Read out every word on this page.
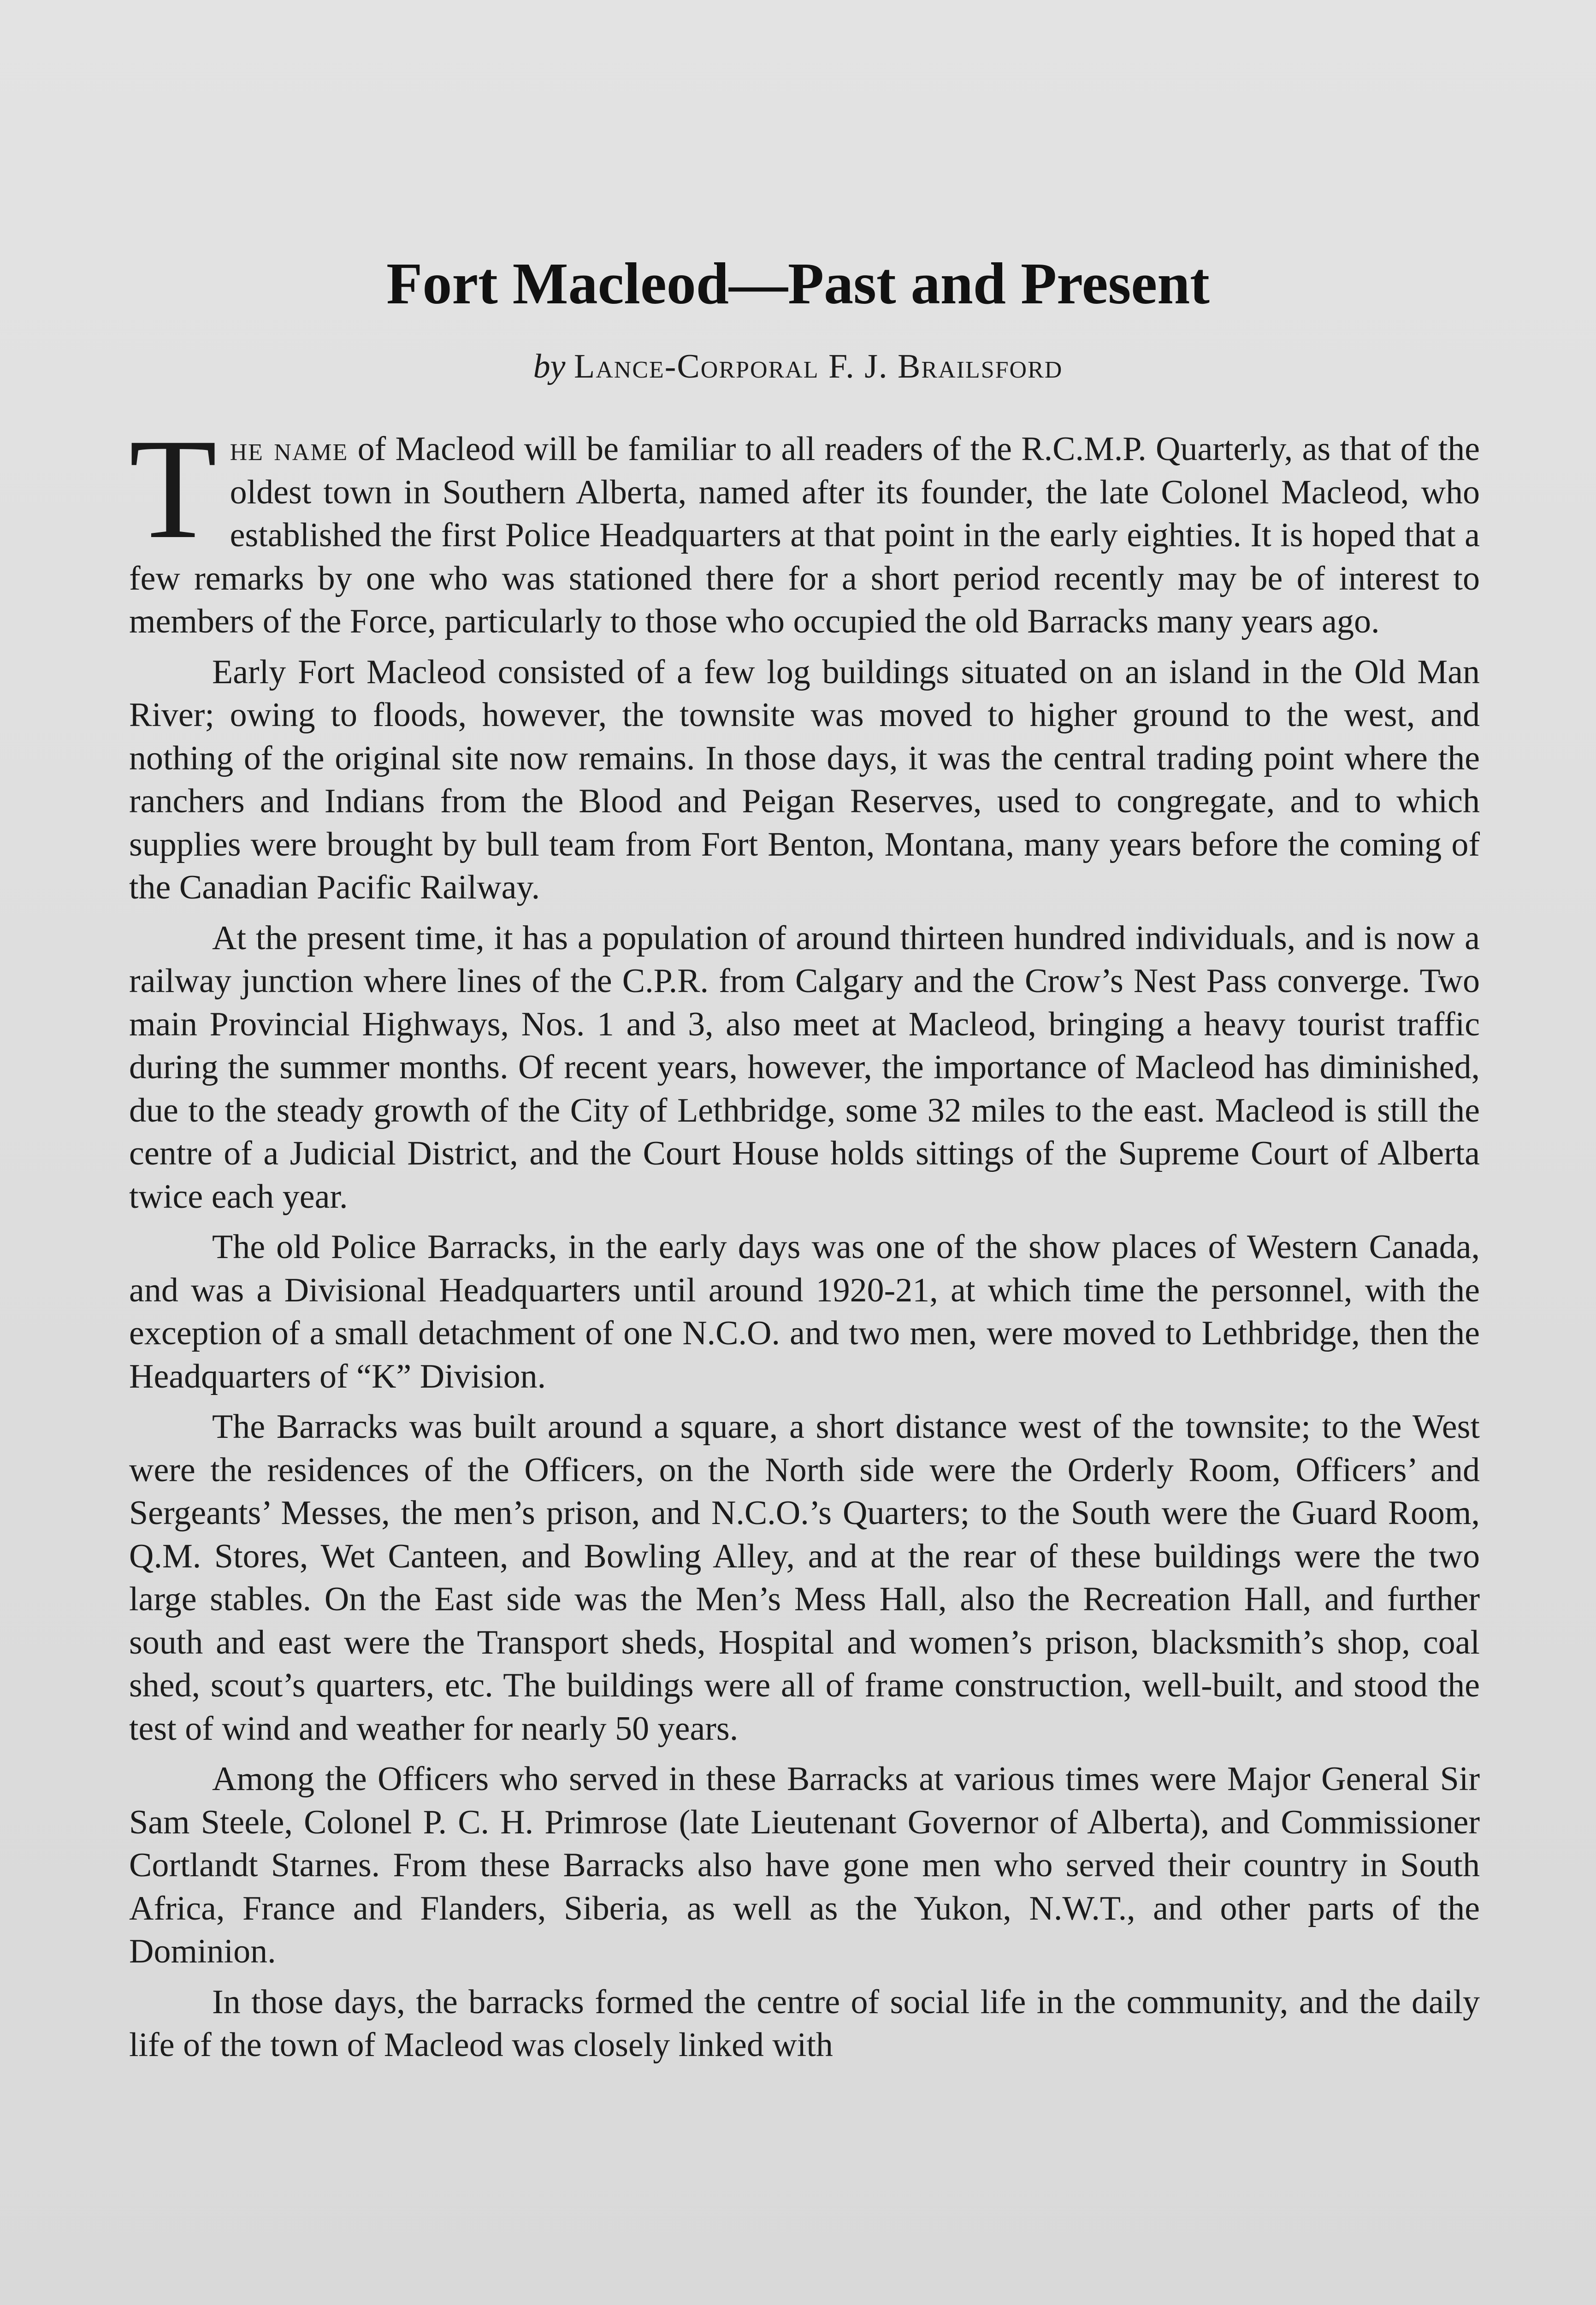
Fort Macleod—Past and Present
by Lance-Corporal F. J. Brailsford

The name of Macleod will be familiar to all readers of the R.C.M.P. Quarterly, as that of the oldest town in Southern Alberta, named after its founder, the late Colonel Macleod, who established the first Police Headquarters at that point in the early eighties. It is hoped that a few remarks by one who was stationed there for a short period recently may be of interest to members of the Force, particularly to those who occupied the old Barracks many years ago.

Early Fort Macleod consisted of a few log buildings situated on an island in the Old Man River; owing to floods, however, the townsite was moved to higher ground to the west, and nothing of the original site now remains. In those days, it was the central trading point where the ranchers and Indians from the Blood and Peigan Reserves, used to congregate, and to which supplies were brought by bull team from Fort Benton, Montana, many years before the coming of the Canadian Pacific Railway.

At the present time, it has a population of around thirteen hundred individuals, and is now a railway junction where lines of the C.P.R. from Calgary and the Crow’s Nest Pass converge. Two main Provincial Highways, Nos. 1 and 3, also meet at Macleod, bringing a heavy tourist traffic during the summer months. Of recent years, however, the importance of Macleod has diminished, due to the steady growth of the City of Lethbridge, some 32 miles to the east. Macleod is still the centre of a Judicial District, and the Court House holds sittings of the Supreme Court of Alberta twice each year.

The old Police Barracks, in the early days was one of the show places of Western Canada, and was a Divisional Headquarters until around 1920-21, at which time the personnel, with the exception of a small detachment of one N.C.O. and two men, were moved to Lethbridge, then the Headquarters of “K” Division.

The Barracks was built around a square, a short distance west of the townsite; to the West were the residences of the Officers, on the North side were the Orderly Room, Officers’ and Sergeants’ Messes, the men’s prison, and N.C.O.’s Quarters; to the South were the Guard Room, Q.M. Stores, Wet Canteen, and Bowling Alley, and at the rear of these buildings were the two large stables. On the East side was the Men’s Mess Hall, also the Recreation Hall, and further south and east were the Transport sheds, Hospital and women’s prison, blacksmith’s shop, coal shed, scout’s quarters, etc. The buildings were all of frame construction, well-built, and stood the test of wind and weather for nearly 50 years.

Among the Officers who served in these Barracks at various times were Major General Sir Sam Steele, Colonel P. C. H. Primrose (late Lieutenant Governor of Alberta), and Commissioner Cortlandt Starnes. From these Barracks also have gone men who served their country in South Africa, France and Flanders, Siberia, as well as the Yukon, N.W.T., and other parts of the Dominion.

In those days, the barracks formed the centre of social life in the community, and the daily life of the town of Macleod was closely linked with
